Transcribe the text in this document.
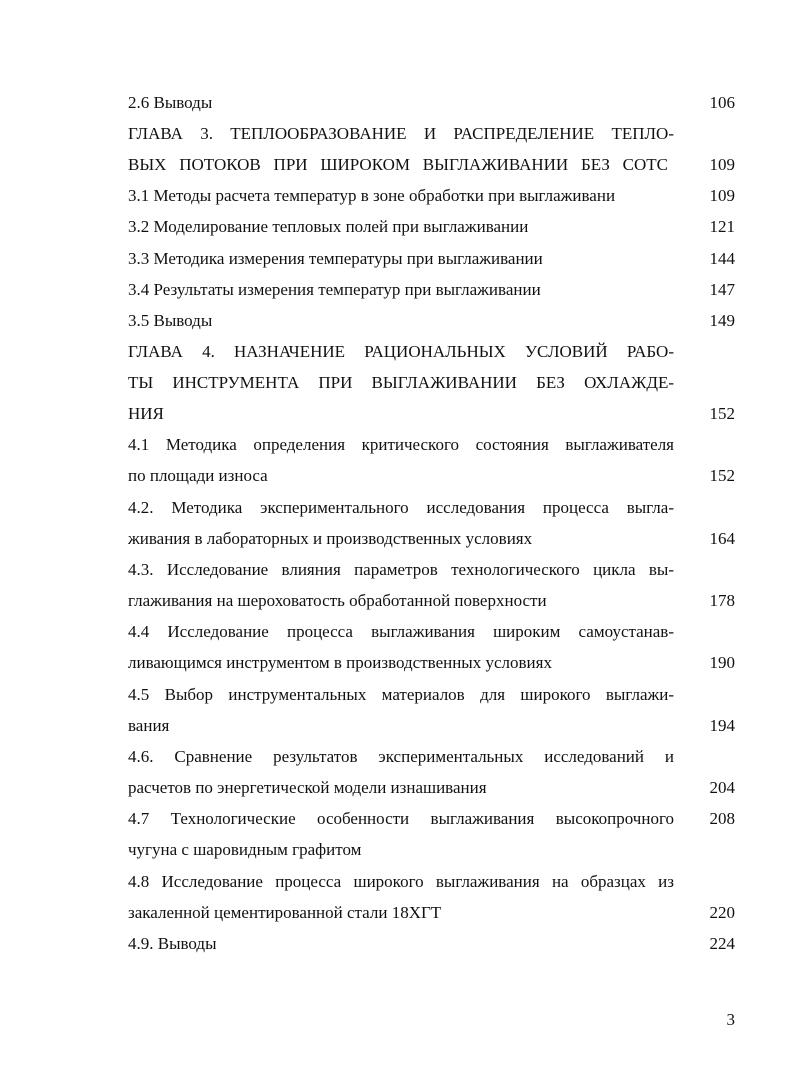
2.6 Выводы	106
ГЛАВА 3. ТЕПЛООБРАЗОВАНИЕ И РАСПРЕДЕЛЕНИЕ ТЕПЛО-
ВЫХ ПОТОКОВ ПРИ ШИРОКОМ ВЫГЛАЖИВАНИИ БЕЗ СОТС 109
3.1 Методы расчета температур в зоне обработки при выглаживани	109
3.2 Моделирование тепловых полей при выглаживании	121
3.3 Методика измерения температуры при выглаживании	144
3.4 Результаты измерения температур при выглаживании	147
3.5 Выводы	149
ГЛАВА 4. НАЗНАЧЕНИЕ РАЦИОНАЛЬНЫХ УСЛОВИЙ РАБО-
ТЫ ИНСТРУМЕНТА ПРИ ВЫГЛАЖИВАНИИ БЕЗ ОХЛАЖДЕ-
НИЯ	152
4.1 Методика определения критического состояния выглаживателя
по площади износа	152
4.2. Методика экспериментального исследования процесса выгла-
живания в лабораторных и производственных условиях	164
4.3. Исследование влияния параметров технологического цикла вы-
глаживания на шероховатость обработанной поверхности	178
4.4 Исследование процесса выглаживания широким самоустанав-
ливающимся инструментом в производственных условиях	190
4.5 Выбор инструментальных материалов для широкого выглажи-
вания	194
4.6. Сравнение результатов экспериментальных исследований и
расчетов по энергетической модели изнашивания	204
4.7 Технологические особенности выглаживания высокопрочного 208
чугуна с шаровидным графитом
4.8 Исследование процесса широкого выглаживания на образцах из
закаленной цементированной стали 18ХГТ	220
4.9. Выводы	224
3
